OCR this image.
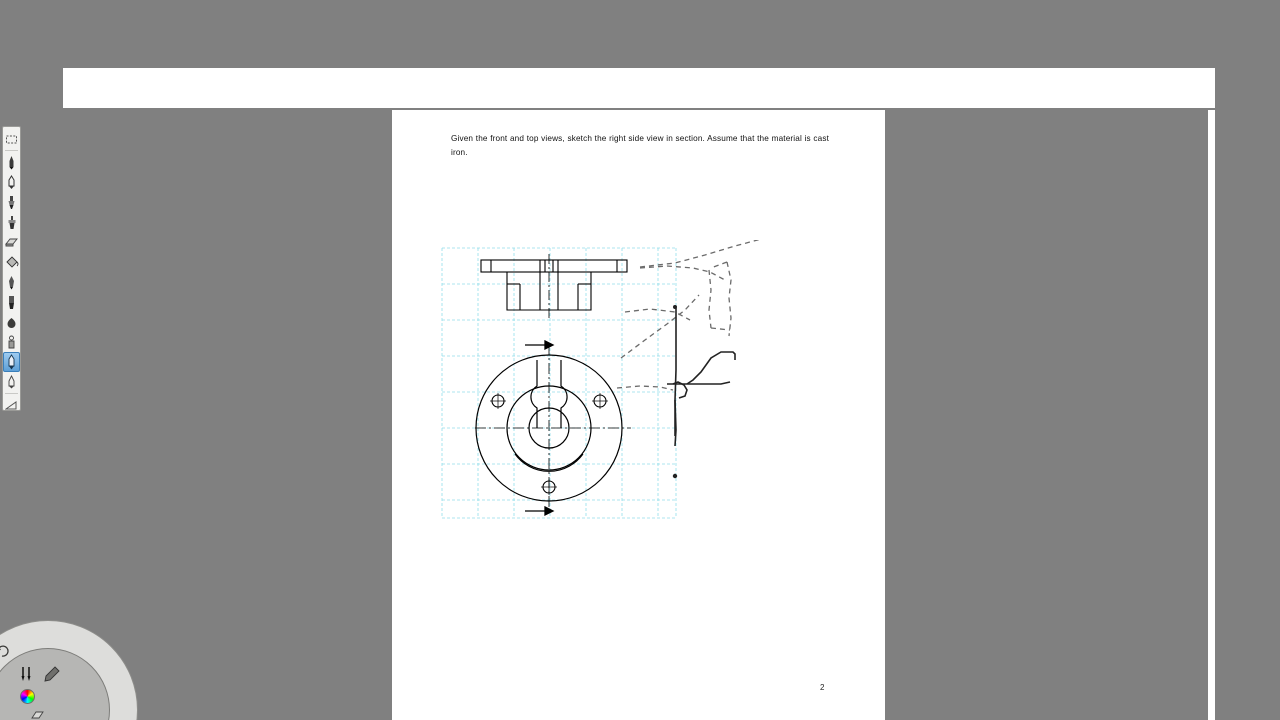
Given the front and top views, sketch the right side view in section. Assume that the material is cast iron.
2
